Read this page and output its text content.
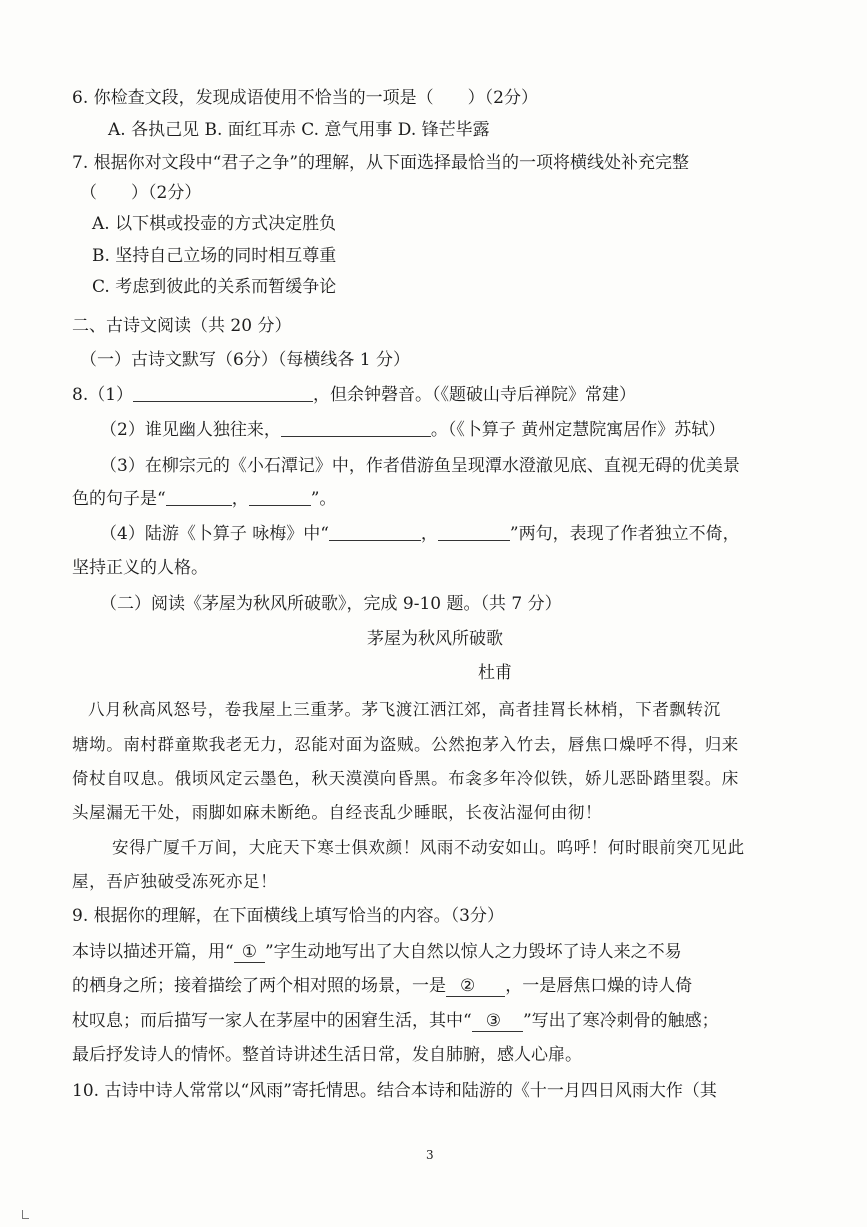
6. 你检查文段，发现成语使用不恰当的一项是（　　）（2分）
A. 各执己见 B. 面红耳赤 C. 意气用事 D. 锋芒毕露
7. 根据你对文段中“君子之争”的理解，从下面选择最恰当的一项将横线处补充完整
（　　）（2分）
A. 以下棋或投壶的方式决定胜负
B. 坚持自己立场的同时相互尊重
C. 考虑到彼此的关系而暂缓争论
二、古诗文阅读（共 20 分）
（一）古诗文默写（6分）（每横线各 1 分）
8.（1）	，但余钟磬音。（《题破山寺后禅院》常建）
（2）谁见幽人独往来，	。（《卜算子 黄州定慧院寓居作》苏轼）
（3）在柳宗元的《小石潭记》中，作者借游鱼呈现潭水澄澈见底、直视无碍的优美景
色的句子是“	，	”。
（4）陆游《卜算子 咏梅》中“	，	”两句，表现了作者独立不倚，
坚持正义的人格。
（二）阅读《茅屋为秋风所破歌》，完成 9-10 题。（共 7 分）
茅屋为秋风所破歌
杜甫
八月秋高风怒号，卷我屋上三重茅。茅飞渡江洒江郊，高者挂罥长林梢，下者飘转沉
塘坳。南村群童欺我老无力，忍能对面为盗贼。公然抱茅入竹去，唇焦口燥呼不得，归来
倚杖自叹息。俄顷风定云墨色，秋天漠漠向昏黑。布衾多年冷似铁，娇儿恶卧踏里裂。床
头屋漏无干处，雨脚如麻未断绝。自经丧乱少睡眠，长夜沾湿何由彻！
安得广厦千万间，大庇天下寒士俱欢颜！风雨不动安如山。呜呼！何时眼前突兀见此
屋，吾庐独破受冻死亦足！
9. 根据你的理解，在下面横线上填写恰当的内容。（3分）
本诗以描述开篇，用“ ① ”字生动地写出了大自然以惊人之力毁坏了诗人来之不易
的栖身之所；接着描绘了两个相对照的场景，一是 ② ，一是唇焦口燥的诗人倚
杖叹息；而后描写一家人在茅屋中的困窘生活，其中“ ③ ”写出了寒冷刺骨的触感；
最后抒发诗人的情怀。整首诗讲述生活日常，发自肺腑，感人心扉。
10. 古诗中诗人常常以“风雨”寄托情思。结合本诗和陆游的《十一月四日风雨大作（其
3
